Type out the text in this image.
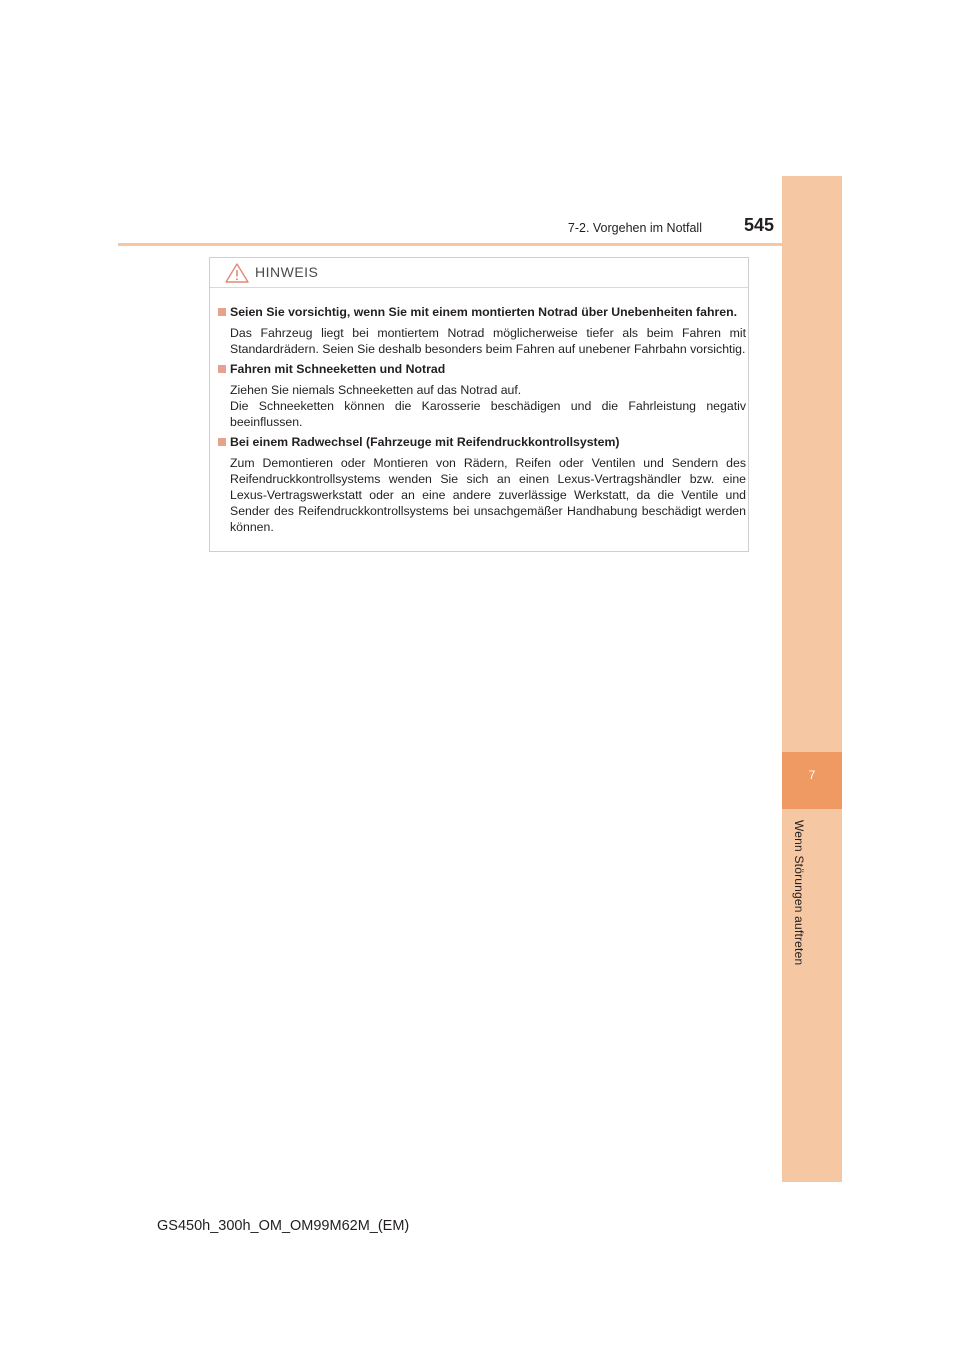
7
Wenn Störungen auftreten
7-2. Vorgehen im Notfall	545
HINWEIS
Seien Sie vorsichtig, wenn Sie mit einem montierten Notrad über Unebenheiten fahren.
Das Fahrzeug liegt bei montiertem Notrad möglicherweise tiefer als beim Fahren mit Standardrädern. Seien Sie deshalb besonders beim Fahren auf unebener Fahrbahn vorsichtig.
Fahren mit Schneeketten und Notrad
Ziehen Sie niemals Schneeketten auf das Notrad auf.
Die Schneeketten können die Karosserie beschädigen und die Fahrleistung negativ beeinflussen.
Bei einem Radwechsel (Fahrzeuge mit Reifendruckkontrollsystem)
Zum Demontieren oder Montieren von Rädern, Reifen oder Ventilen und Sendern des Reifendruckkontrollsystems wenden Sie sich an einen Lexus-Vertragshändler bzw. eine Lexus-Vertragswerkstatt oder an eine andere zuverlässige Werkstatt, da die Ventile und Sender des Reifendruckkontrollsystems bei unsachgemäßer Handhabung beschädigt werden können.
GS450h_300h_OM_OM99M62M_(EM)
